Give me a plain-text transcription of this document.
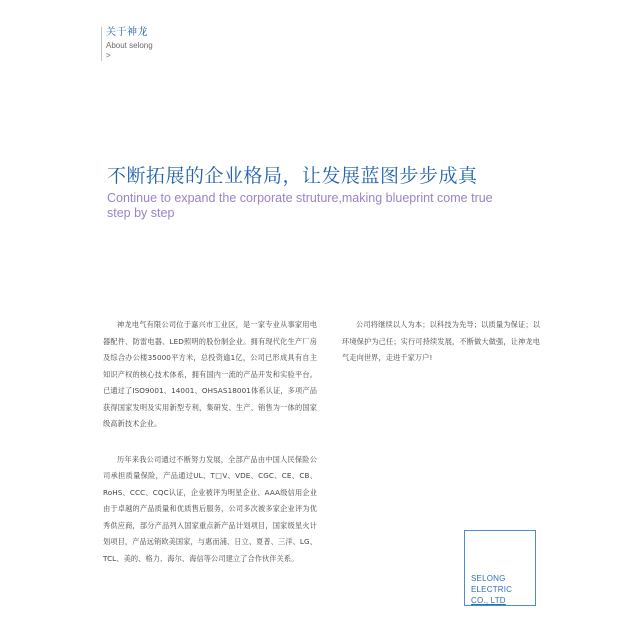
关于神龙
About selong
>
不断拓展的企业格局，让发展蓝图步步成真
Continue to expand the corporate struture,making blueprint come true step by step

神龙电气有限公司位于嘉兴市工业区，是一家专业从事家用电器配件、防雷电器、LED照明的股份制企业。拥有现代化生产厂房及综合办公楼35000平方米，总投资逾1亿，公司已形成具有自主知识产权的核心技术体系，拥有国内一流的产品开发和实验平台。已通过了ISO9001、14001、OHSAS18001体系认证，多项产品获得国家发明及实用新型专利，集研发、生产、销售为一体的国家级高新技术企业。

历年来我公司通过不断努力发展，全部产品由中国人民保险公司承担质量保险，产品通过UL、T□V、VDE、CGC、CE、CB、RoHS、CCC、CQC认证，企业被评为明星企业、AAA级信用企业由于卓越的产品质量和优质售后服务，公司多次被多家企业评为优秀供应商，部分产品列入国家重点新产品计划项目，国家级星火计划项目，产品远销欧美国家，与惠而浦、日立、夏普、三洋、LG、TCL、美的、格力、海尔、海信等公司建立了合作伙伴关系。

公司将继续以人为本；以科技为先导；以质量为保证；以环境保护为己任；实行可持续发展，不断做大做强，让神龙电气走向世界，走进千家万户!

SELONG
ELECTRIC
CO., LTD
